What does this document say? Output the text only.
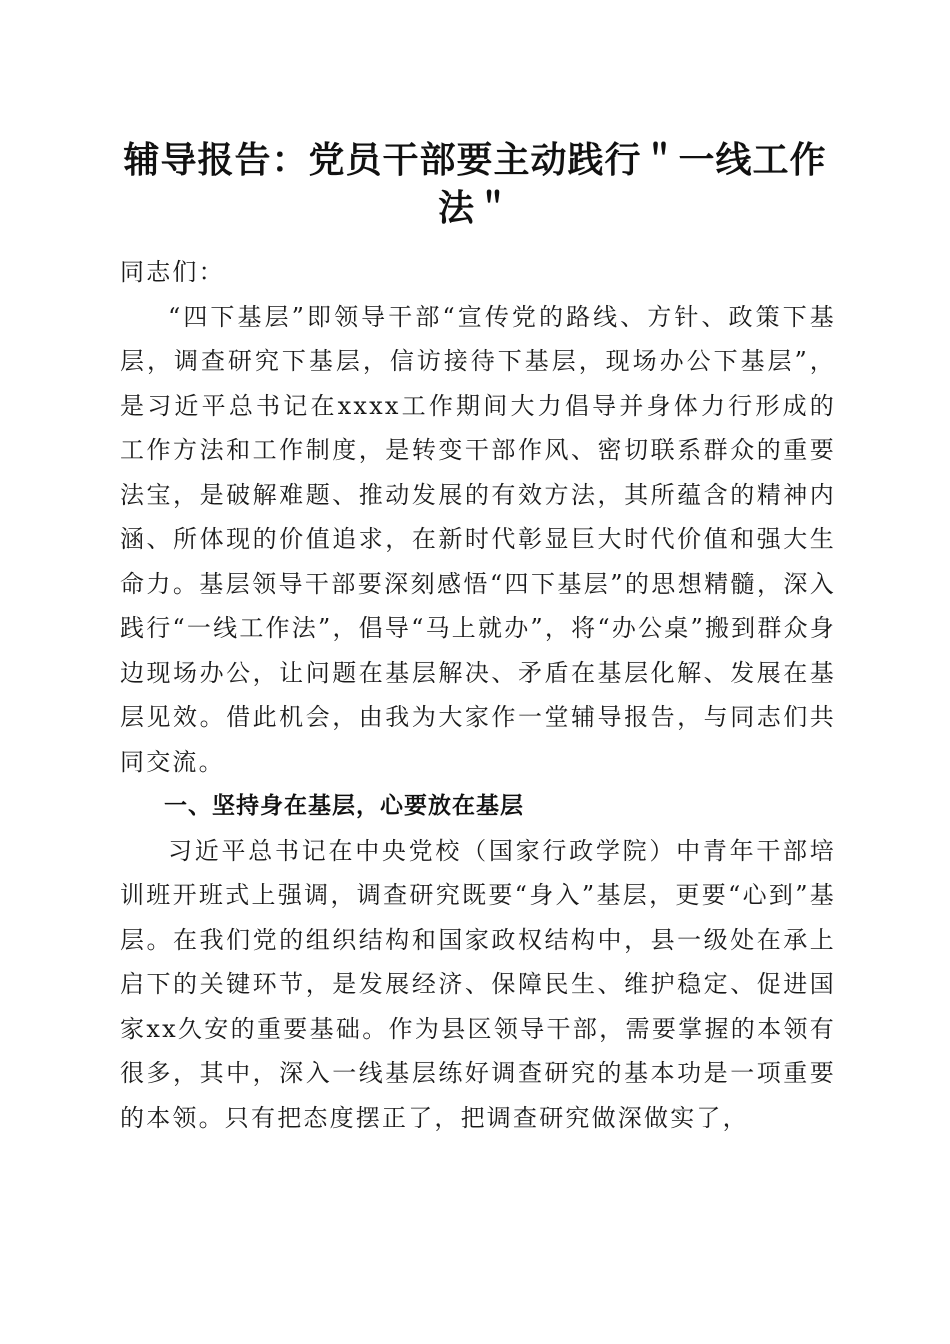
辅导报告：党员干部要主动践行＂一线工作法＂

同志们：

“四下基层”即领导干部“宣传党的路线、方针、政策下基层，调查研究下基层，信访接待下基层，现场办公下基层”，是习近平总书记在xxxx工作期间大力倡导并身体力行形成的工作方法和工作制度，是转变干部作风、密切联系群众的重要法宝，是破解难题、推动发展的有效方法，其所蕴含的精神内涵、所体现的价值追求，在新时代彰显巨大时代价值和强大生命力。基层领导干部要深刻感悟“四下基层”的思想精髓，深入践行“一线工作法”，倡导“马上就办”，将“办公桌”搬到群众身边现场办公，让问题在基层解决、矛盾在基层化解、发展在基层见效。借此机会，由我为大家作一堂辅导报告，与同志们共同交流。

一、坚持身在基层，心要放在基层

习近平总书记在中央党校（国家行政学院）中青年干部培训班开班式上强调，调查研究既要“身入”基层，更要“心到”基层。在我们党的组织结构和国家政权结构中，县一级处在承上启下的关键环节，是发展经济、保障民生、维护稳定、促进国家xx久安的重要基础。作为县区领导干部，需要掌握的本领有很多，其中，深入一线基层练好调查研究的基本功是一项重要的本领。只有把态度摆正了，把调查研究做深做实了，
